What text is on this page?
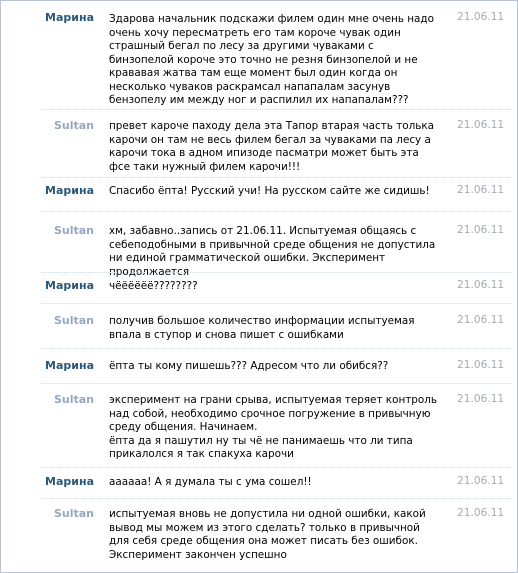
Марина Здарова начальник подскажи филем один мне очень надо очень хочу пересматреть его там короче чувак один страшный бегал по лесу за другими чуваками с бинзопелой короче это точно не резня бинзопелой и не крававая жатва там еще момент был один когда он несколько чуваков раскрамсал напапалам засунув бензопелу им между ног и распилил их напапалам???
21.06.11
Sultan превет кароче паходу дела эта Тапор втарая часть толька карочи он там не весь филем бегал за чуваками па лесу а карочи тока в адном ипизоде пасматри может быть эта фсе таки нужный филем карочи!!!
21.06.11
Марина Спасибо ёпта! Русский учи! На русском сайте же сидишь!	21.06.11
Sultan хм, забавно..запись от 21.06.11. Испытуемая общаясь с себеподобными в привычной среде общения не допустила ни единой грамматической ошибки. Эксперимент продолжается
21.06.11
Марина чёёёёёё????????	21.06.11
Sultan получив большое количество информации испытуемая впала в ступор и снова пишет с ошибками
21.06.11
Марина ёпта ты кому пишешь??? Адресом что ли обибся??	21.06.11
Sultan эксперимент на грани срыва, испытуемая теряет контроль над собой, необходимо срочное погружение в привычную среду общения. Начинаем.
ёпта да я пашутил ну ты чё не панимаешь что ли типа прикалолся я так спакуха карочи
21.06.11
Марина аааааа! А я думала ты с ума сошел!!	21.06.11
Sultan испытуемая вновь не допустила ни одной ошибки, какой вывод мы можем из этого сделать? только в привычной для себя среде общения она может писать без ошибок. Эксперимент закончен успешно
21.06.11
